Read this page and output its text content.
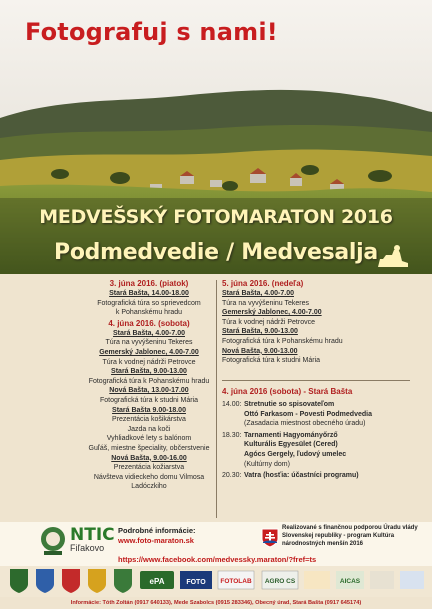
Fotografuj s nami!
MEDVEŠSKÝ FOTOMARATON 2016
Podmedvedie / Medvesalja
3. júna 2016. (piatok)
Stará Bašta, 14.00-18.00
Fotografická túra so sprievedcom
k Pohanskému hradu
4. júna 2016. (sobota)
Stará Bašta, 4.00-7.00
Túra na vyvýšeninu Tekeres
Gemerský Jablonec, 4.00-7.00
Túra k vodnej nádrži Petrovce
Stará Bašta, 9.00-13.00
Fotografická túra k Pohanskému hradu
Nová Bašta, 13.00-17.00
Fotografická túra k studni Mária
Stará Bašta 9.00-18.00
Prezentácia košikárstva
Jazda na koči
Vyhliadkové lety s balónom
Guľáš, miestne špeciality, občerstvenie
Nová Bašta, 9.00-16.00
Prezentácia kožiarstva
Návšteva vidieckeho domu Vilmosa Ladóczkiho
5. júna 2016. (nedeľa)
Stará Bašta, 4.00-7.00
Túra na vyvýšeninu Tekeres
Gemerský Jablonec, 4.00-7.00
Túra k vodnej nádrži Petrovce
Stará Bašta, 9.00-13.00
Fotografická túra k Pohanskému hradu
Nová Bašta, 9.00-13.00
Fotografická túra k studni Mária
4. júna 2016 (sobota) - Stará Bašta
14.00: Stretnutie so spisovateľom
Ottó Farkasom - Povesti Podmedvedia
(Zasadacia miestnost obecného úradu)
18.30: Tarnamenti Hagyományőrző
Kulturális Egyesület (Cered)
Agócs Gergely, ľudový umelec
(Kultúrny dom)
20.30: Vatra (hosťia: účastníci programu)
NTIC
Fiľakovo
Podrobné informácie:
www.foto-maraton.sk
https://www.facebook.com/medvessky.maraton/?fref=ts
Realizované s finančnou podporou Úradu vlády Slovenskej republiky - program Kultúra národnostných menšín 2016
ePA	FOTO FOTOLAB AGRO CS	AICAS
Informácie: Tóth Zoltán (0917 640133), Mede Szabolcs (0915 283346), Obecný úrad, Stará Bašta (0917 645174)
